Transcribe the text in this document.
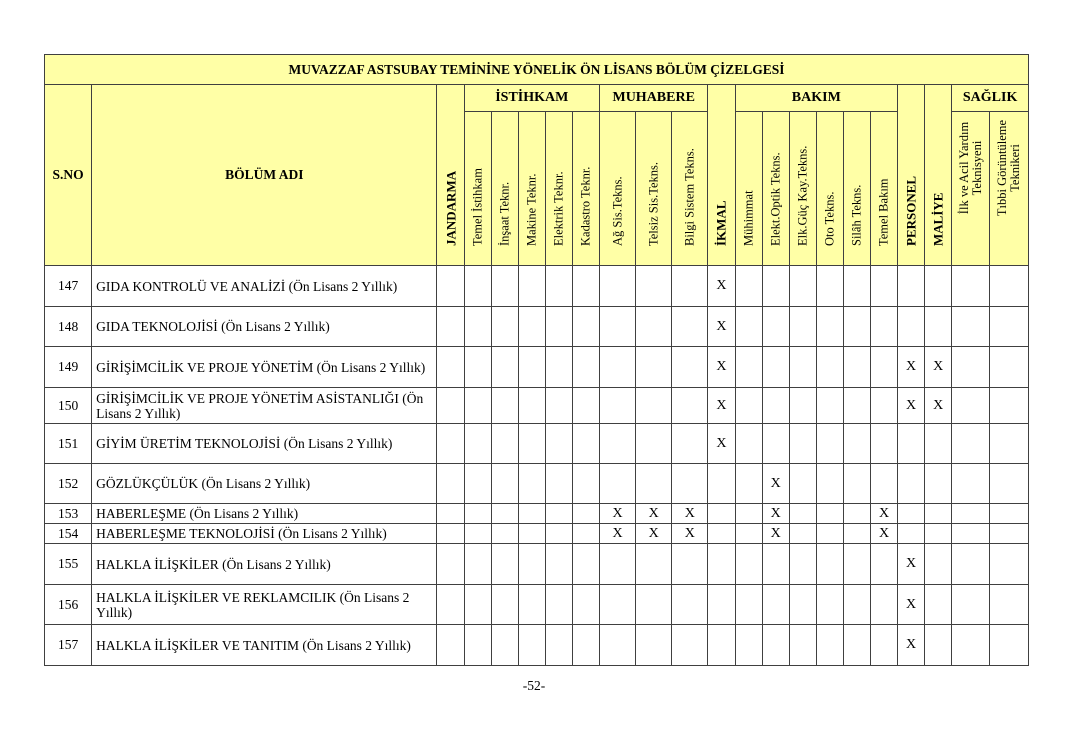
MUVAZZAF ASTSUBAY TEMİNİNE YÖNELİK ÖN LİSANS BÖLÜM ÇİZELGESİ																					
S.NO	BÖLÜM ADI	JANDARMA	İSTİHKAM					MUHABERE			İKMAL	BAKIM						PERSONEL	MALİYE	SAĞLIK	

			Temel İstihkam	İnşaat Teknr.	Makine Teknr.	Elektrik Teknr.	Kadastro Teknr.	Ağ Sis.Tekns.	Telsiz Sis.Tekns.	Bilgi Sistem Tekns.		Mühimmat	Elekt.Optik Tekns.	Elk.Güç Kay.Tekns.	Oto Tekns.	Silâh Tekns.	Temel Bakım			İlk ve Acil Yardım Teknisyeni	Tıbbi Görüntüleme Teknikeri

147	GIDA KONTROLÜ VE ANALİZİ (Ön Lisans 2 Yıllık)										X										
148	GIDA TEKNOLOJİSİ (Ön Lisans 2 Yıllık)										X										
149	GİRİŞİMCİLİK VE PROJE YÖNETİM (Ön Lisans 2 Yıllık)										X							X	X		
150	GİRİŞİMCİLİK VE PROJE YÖNETİM ASİSTANLIĞI (Ön Lisans 2 Yıllık)										X							X	X		
151	GİYİM ÜRETİM TEKNOLOJİSİ (Ön Lisans 2 Yıllık)										X										
152	GÖZLÜKÇÜLÜK (Ön Lisans 2 Yıllık)												X								
153	HABERLEŞME (Ön Lisans 2 Yıllık)							X	X	X			X				X				
154	HABERLEŞME TEKNOLOJİSİ (Ön Lisans 2 Yıllık)							X	X	X			X				X				
155	HALKLA İLİŞKİLER (Ön Lisans 2 Yıllık)																	X			
156	HALKLA İLİŞKİLER VE REKLAMCILIK (Ön Lisans 2 Yıllık)																	X			
157	HALKLA İLİŞKİLER VE TANITIM (Ön Lisans 2 Yıllık)																	X			
-52-
